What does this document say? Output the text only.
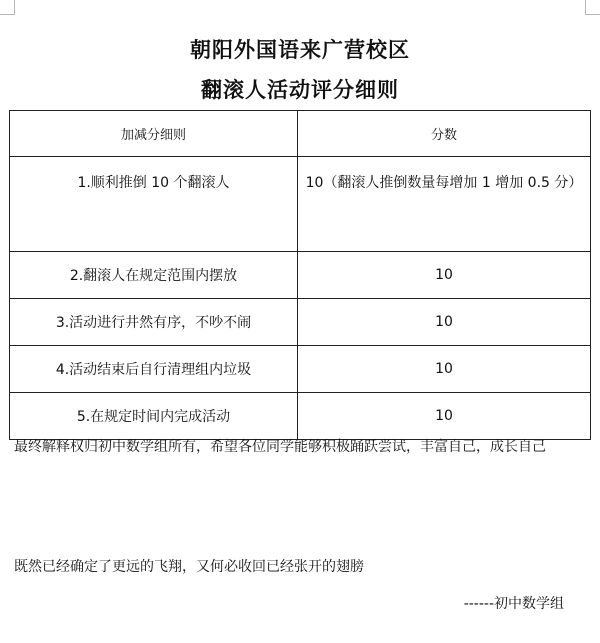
朝阳外国语来广营校区
翻滚人活动评分细则
加减分细则	分数
1.顺利推倒 10 个翻滚人	10（翻滚人推倒数量每增加 1 增加 0.5 分）
2.翻滚人在规定范围内摆放	10
3.活动进行井然有序，不吵不闹	10
4.活动结束后自行清理组内垃圾	10
5.在规定时间内完成活动	10
最终解释权归初中数学组所有，希望各位同学能够积极踊跃尝试，丰富自己，成长自己
既然已经确定了更远的飞翔，又何必收回已经张开的翅膀
------初中数学组
